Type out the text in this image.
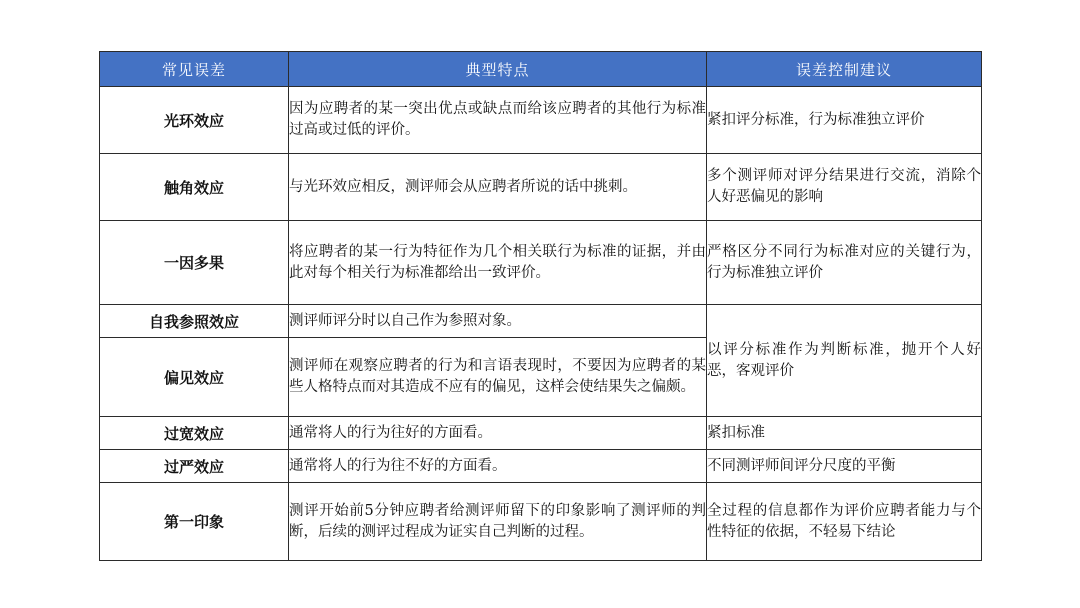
常见误差	典型特点	误差控制建议
光环效应	因为应聘者的某一突出优点或缺点而给该应聘者的其他行为标准过高或过低的评价。	紧扣评分标准，行为标准独立评价
触角效应	与光环效应相反，测评师会从应聘者所说的话中挑刺。	多个测评师对评分结果进行交流，消除个人好恶偏见的影响
一因多果	将应聘者的某一行为特征作为几个相关联行为标准的证据，并由此对每个相关行为标准都给出一致评价。	严格区分不同行为标准对应的关键行为，行为标准独立评价
自我参照效应	测评师评分时以自己作为参照对象。	以评分标准作为判断标准，抛开个人好恶，客观评价
偏见效应	测评师在观察应聘者的行为和言语表现时，不要因为应聘者的某些人格特点而对其造成不应有的偏见，这样会使结果失之偏颇。	
过宽效应	通常将人的行为往好的方面看。	紧扣标准
过严效应	通常将人的行为往不好的方面看。	不同测评师间评分尺度的平衡
第一印象	测评开始前5分钟应聘者给测评师留下的印象影响了测评师的判断，后续的测评过程成为证实自己判断的过程。	全过程的信息都作为评价应聘者能力与个性特征的依据，不轻易下结论
